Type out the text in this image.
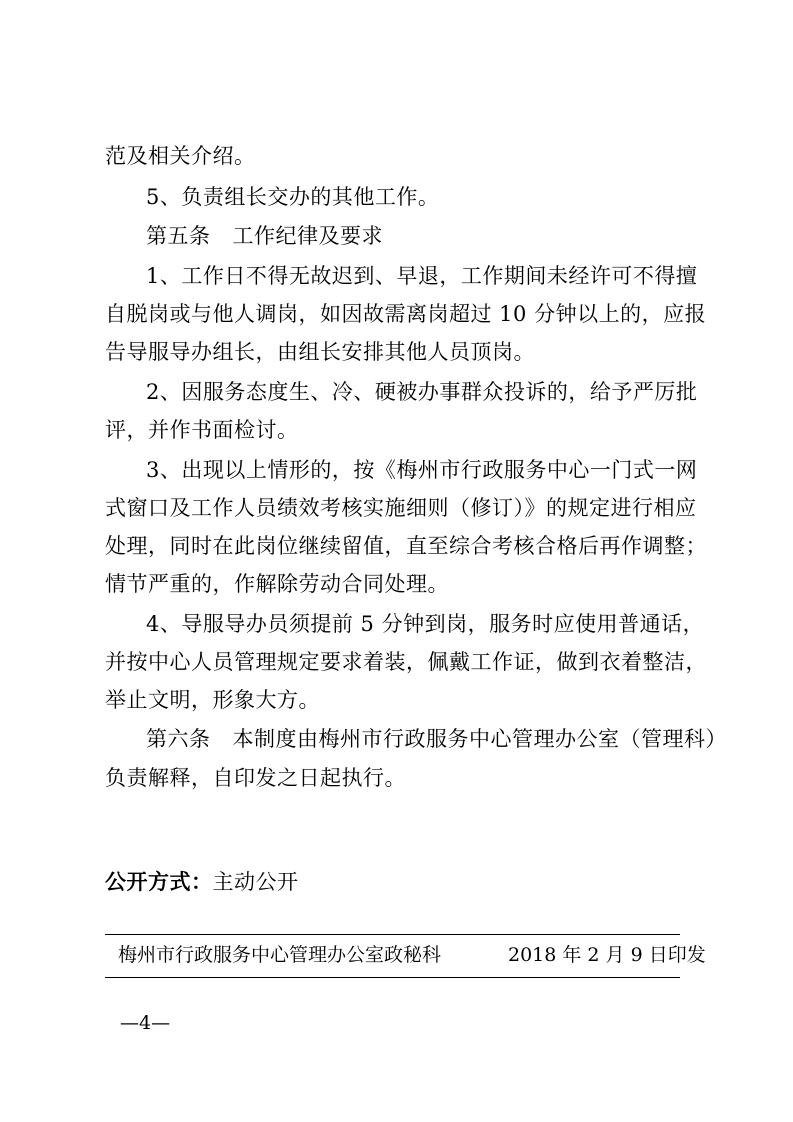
范及相关介绍。
5、负责组长交办的其他工作。
第五条 工作纪律及要求
1、工作日不得无故迟到、早退，工作期间未经许可不得擅
自脱岗或与他人调岗，如因故需离岗超过 10 分钟以上的，应报
告导服导办组长，由组长安排其他人员顶岗。
2、因服务态度生、冷、硬被办事群众投诉的，给予严厉批
评，并作书面检讨。
3、出现以上情形的，按《梅州市行政服务中心一门式一网
式窗口及工作人员绩效考核实施细则（修订）》的规定进行相应
处理，同时在此岗位继续留值，直至综合考核合格后再作调整；
情节严重的，作解除劳动合同处理。
4、导服导办员须提前 5 分钟到岗，服务时应使用普通话，
并按中心人员管理规定要求着装，佩戴工作证，做到衣着整洁，
举止文明，形象大方。
第六条 本制度由梅州市行政服务中心管理办公室（管理科）
负责解释，自印发之日起执行。
公开方式：主动公开
梅州市行政服务中心管理办公室政秘科	2018 年 2 月 9 日印发
—4—
